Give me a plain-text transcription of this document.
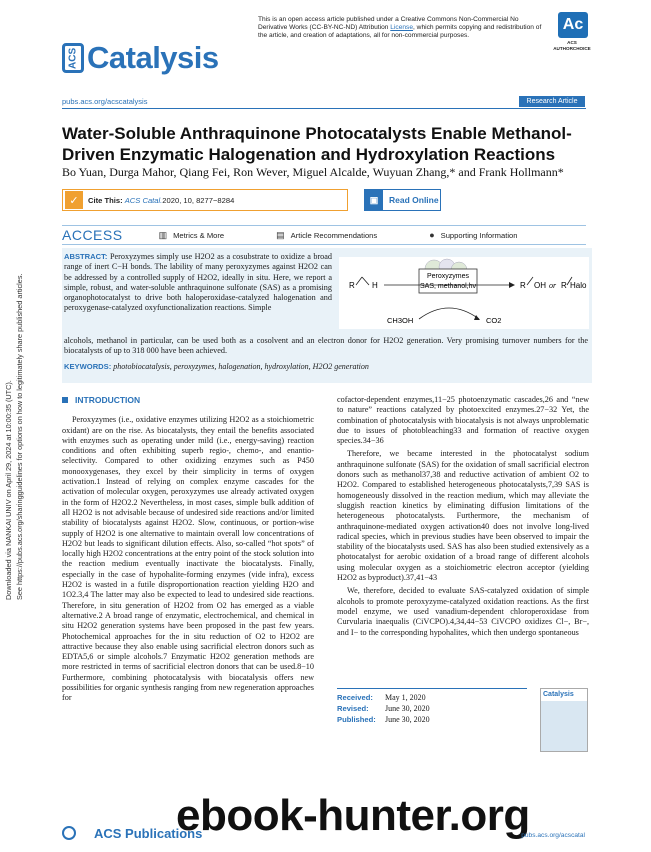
Downloaded via NANKAI UNIV on April 29, 2024 at 10:00:35 (UTC). See https://pubs.acs.org/sharingguidelines for options on how to legitimately share published articles.
ACS Catalysis
This is an open access article published under a Creative Commons Non-Commercial No Derivative Works (CC-BY-NC-ND) Attribution License, which permits copying and redistribution of the article, and creation of adaptations, all for non-commercial purposes.
Ac
ACS AUTHORCHOICE
pubs.acs.org/acscatalysis	Research Article
Water-Soluble Anthraquinone Photocatalysts Enable Methanol-Driven Enzymatic Halogenation and Hydroxylation Reactions
Bo Yuan, Durga Mahor, Qiang Fei, Ron Wever, Miguel Alcalde, Wuyuan Zhang,* and Frank Hollmann*
✓	Cite This:
ACS Catal. 2020, 10, 8277−8284	▣	Read Online
ACCESS	▥ Metrics & More	▤ Article Recommendations	● Supporting Information
ABSTRACT: Peroxyzymes simply use H2O2 as a cosubstrate to oxidize a broad range of inert C−H bonds. The lability of many peroxyzymes against H2O2 can be addressed by a controlled supply of H2O2, ideally in situ. Here, we report a simple, robust, and water-soluble anthraquinone sulfonate (SAS) as a promising organophotocatalyst to drive both haloperoxidase-catalyzed halogenation and peroxygenase-catalyzed oxyfunctionalization reactions. Simple
Peroxyzymes
SAS, methanol,hν
R H	R OH or R Halo
CH3OH	CO2
alcohols, methanol in particular, can be used both as a cosolvent and an electron donor for H2O2 generation. Very promising turnover numbers for the biocatalysts of up to 318 000 have been achieved.
KEYWORDS: photobiocatalysis, peroxyzymes, halogenation, hydroxylation, H2O2 generation
INTRODUCTION

Peroxyzymes (i.e., oxidative enzymes utilizing H2O2 as a stoichiometric oxidant) are on the rise. As biocatalysts, they entail the benefits associated with enzymes such as operating under mild (i.e., energy-saving) reaction conditions and often exhibiting superb regio-, chemo-, and enantio-selectivity. Compared to other oxidizing enzymes such as P450 monooxygenases, they excel by their simplicity in terms of oxygen activation.1 Instead of relying on complex enzyme cascades for the activation of molecular oxygen, peroxyzymes use already activated oxygen in the form of H2O2.2 Nevertheless, in most cases, simple bulk addition of all H2O2 is not advisable because of undesired side reactions and/or limited stability of biocatalysts against H2O2. Slow, continuous, or portion-wise supply of H2O2 is one alternative to maintain overall low concentrations of H2O2 but leads to significant dilution effects. Also, so-called “hot spots” of locally high H2O2 concentrations at the entry point of the stock solution into the reaction medium eventually inactivate the biocatalysts. Finally, especially in the case of hypohalite-forming enzymes (vide infra), excess H2O2 is wasted in a futile disproportionation reaction yielding H2O and 1O2.3,4 The latter may also be expected to lead to undesired side reactions. Therefore, in situ generation of H2O2 from O2 has emerged as a viable alternative.2 A broad range of enzymatic, electrochemical, and chemical in situ H2O2 generation systems have been proposed in the past few years. Photochemical approaches for the in situ reduction of O2 to H2O2 are attractive because they also enable using sacrificial electron donors such as EDTA5,6 or simple alcohols.7 Enzymatic H2O2 generation methods are more restricted in terms of sacrificial electron donors that can be used.8−10 Furthermore, combining photocatalysis with biocatalysis offers new possibilities for organic synthesis ranging from new regeneration approaches for

cofactor-dependent enzymes,11−25 photoenzymatic cascades,26 and “new to nature” reactions catalyzed by photoexcited enzymes.27−32 Yet, the combination of photocatalysis with biocatalysis is not always unproblematic due to issues of photobleaching33 and formation of reactive oxygen species.34−36

Therefore, we became interested in the photocatalyst sodium anthraquinone sulfonate (SAS) for the oxidation of small sacrificial electron donors such as methanol37,38 and reductive activation of ambient O2 to H2O2. Compared to established heterogeneous photocatalysts,7,39 SAS is homogeneously dissolved in the reaction medium, which may alleviate the sluggish reaction kinetics by eliminating diffusion limitations of the heterogeneous photocatalysts. Furthermore, the mechanism of anthraquinone-mediated oxygen activation40 does not involve long-lived radical species, which in previous studies have been observed to impair the stability of the biocatalysts used. SAS has also been studied extensively as a photocatalyst for aerobic oxidation of a broad range of different alcohols using molecular oxygen as a stoichiometric electron acceptor (yielding H2O2 as byproduct).37,41−43

We, therefore, decided to evaluate SAS-catalyzed oxidation of simple alcohols to promote peroxyzyme-catalyzed oxidation reactions. As the first model enzyme, we used vanadium-dependent chloroperoxidase from Curvularia inaequalis (CiVCPO).4,34,44−53 CiVCPO oxidizes Cl−, Br−, and I− to the corresponding hypohalites, which then undergo spontaneous

Received: May 1, 2020
Revised: June 30, 2020
Published: June 30, 2020
Catalysis
ACS Publications
ebook-hunter.org
pubs.acs.org/acscatal
